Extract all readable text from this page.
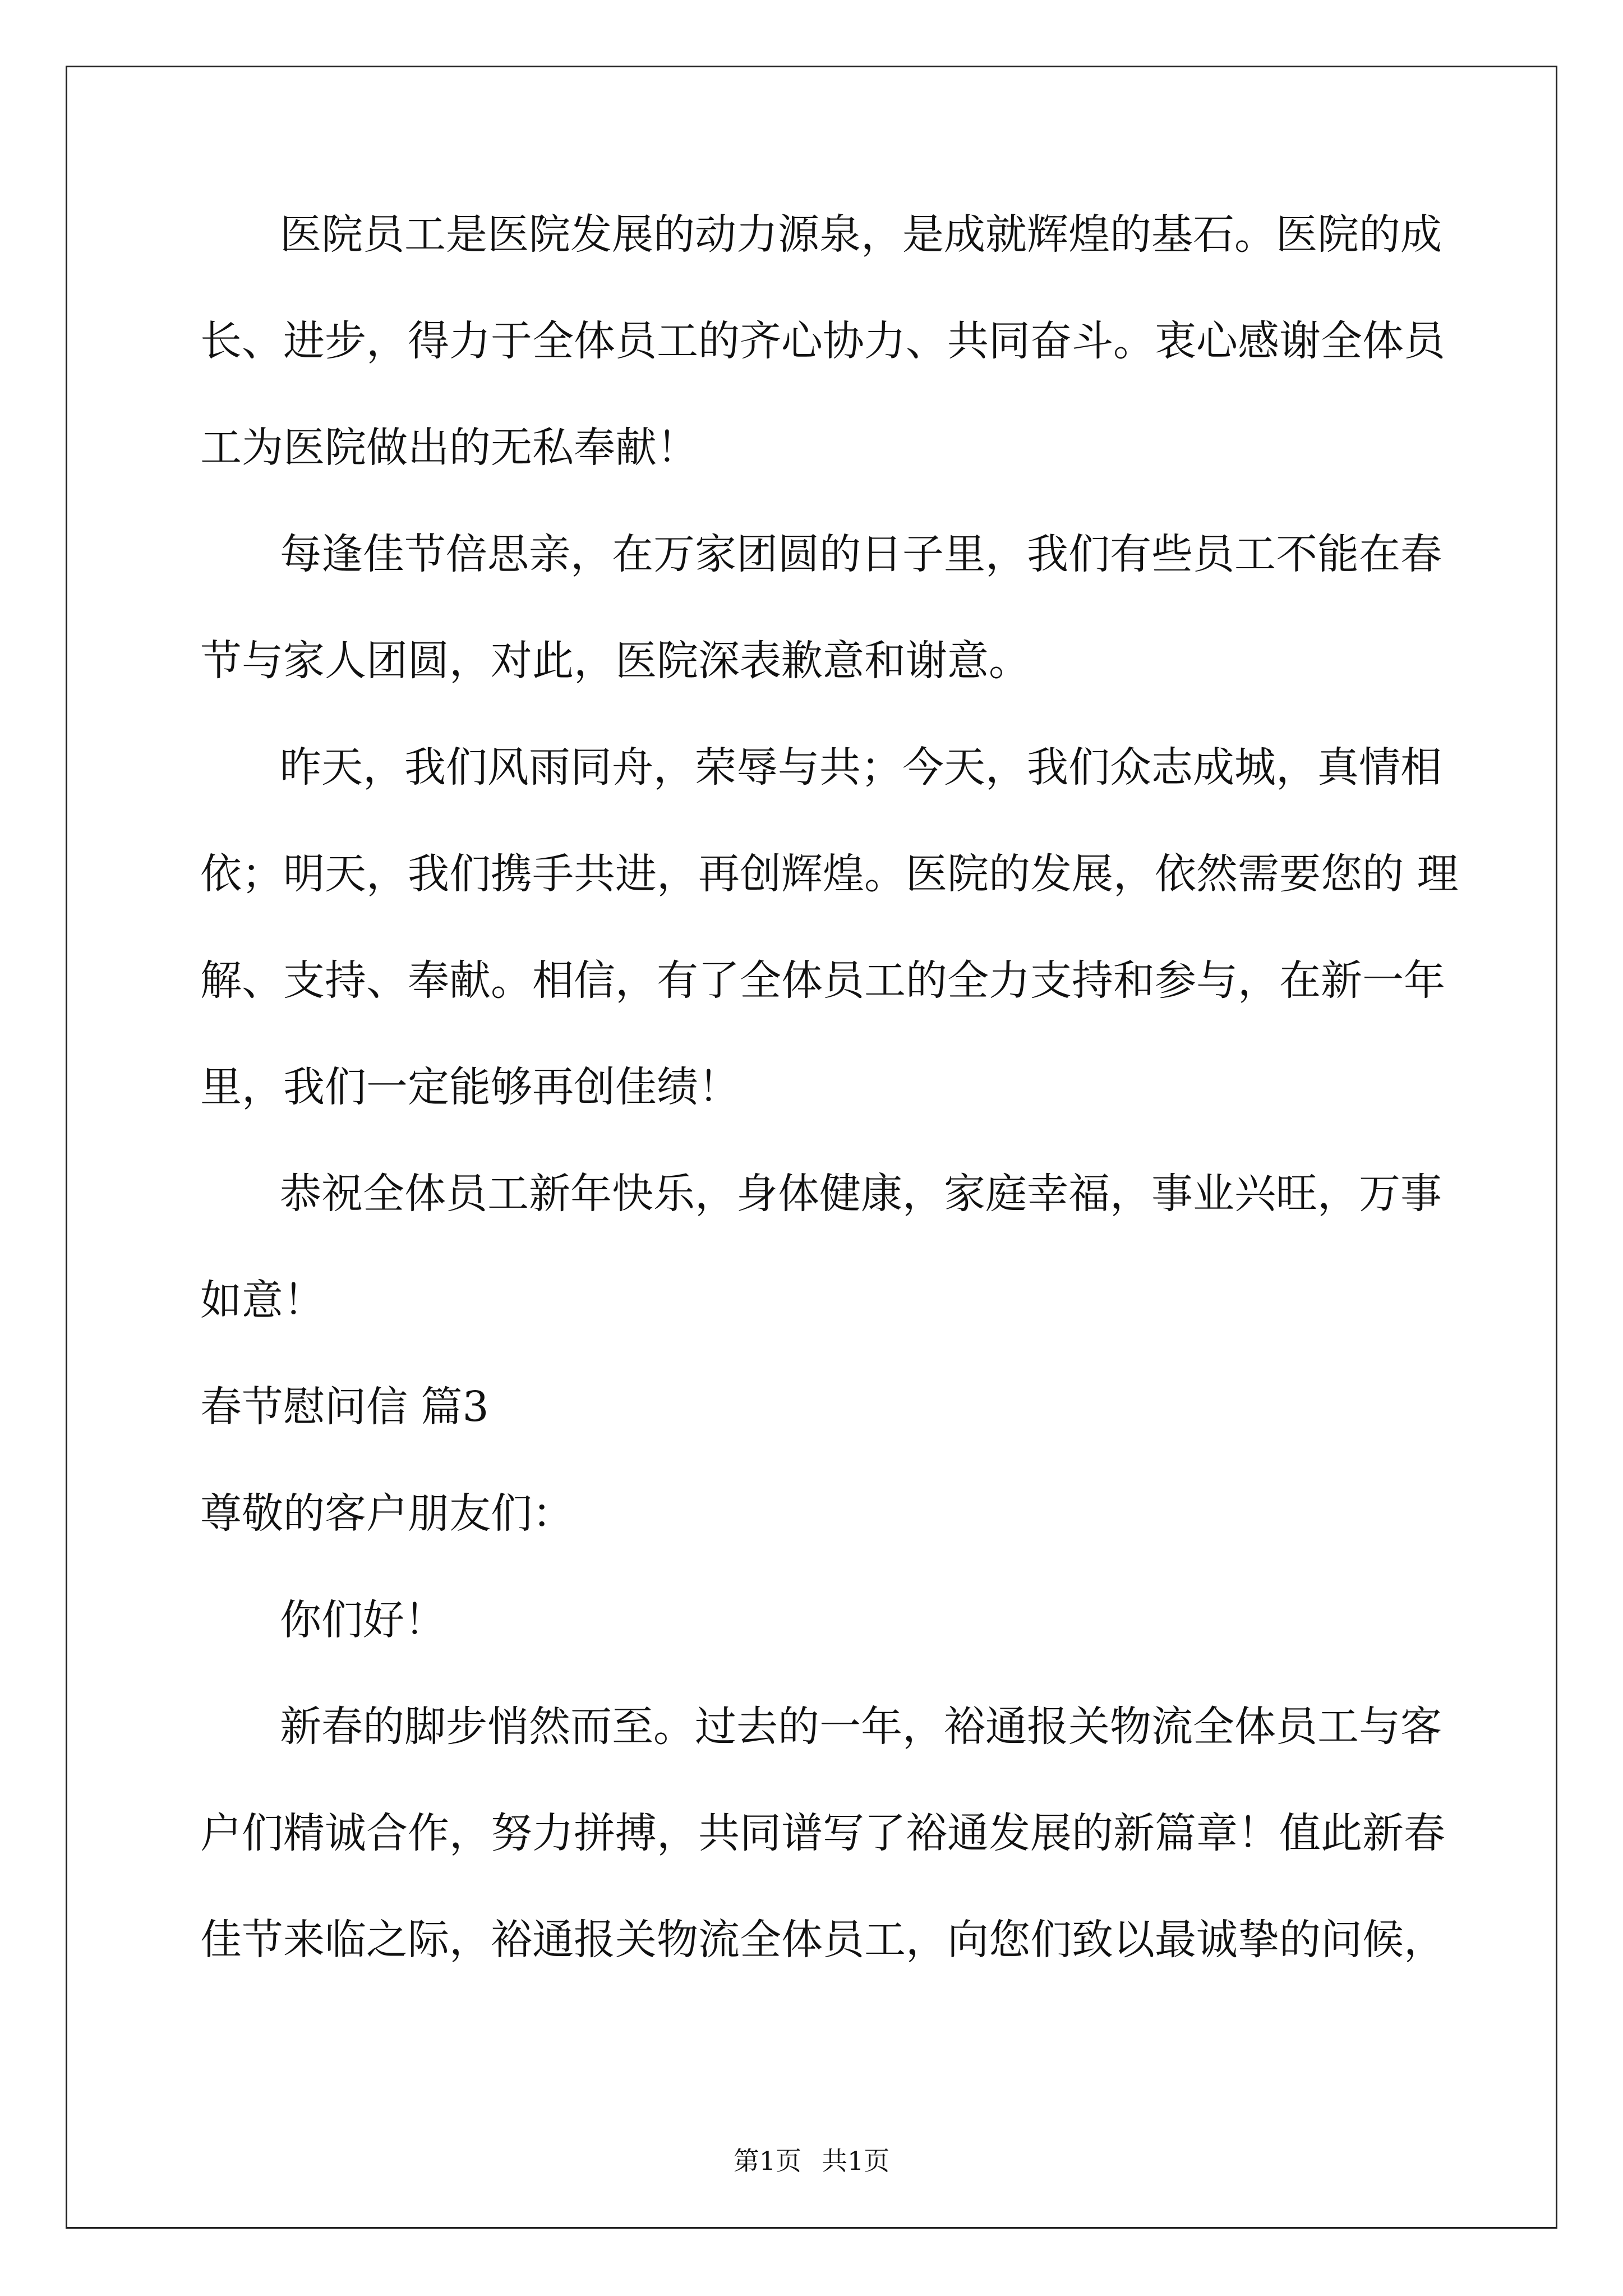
医院员工是医院发展的动力源泉，是成就辉煌的基石。医院的成
长、进步，得力于全体员工的齐心协力、共同奋斗。衷心感谢全体员
工为医院做出的无私奉献！
每逢佳节倍思亲，在万家团圆的日子里，我们有些员工不能在春
节与家人团圆，对此，医院深表歉意和谢意。
昨天，我们风雨同舟，荣辱与共；今天，我们众志成城，真情相
依；明天，我们携手共进，再创辉煌。医院的发展，依然需要您的 理
解、支持、奉献。相信，有了全体员工的全力支持和参与，在新一年
里，我们一定能够再创佳绩！
恭祝全体员工新年快乐，身体健康，家庭幸福，事业兴旺，万事
如意！
春节慰问信 篇3
尊敬的客户朋友们：
你们好！
新春的脚步悄然而至。过去的一年，裕通报关物流全体员工与客
户们精诚合作，努力拼搏，共同谱写了裕通发展的新篇章！值此新春
佳节来临之际，裕通报关物流全体员工，向您们致以最诚挚的问候，
第1页 共1页
